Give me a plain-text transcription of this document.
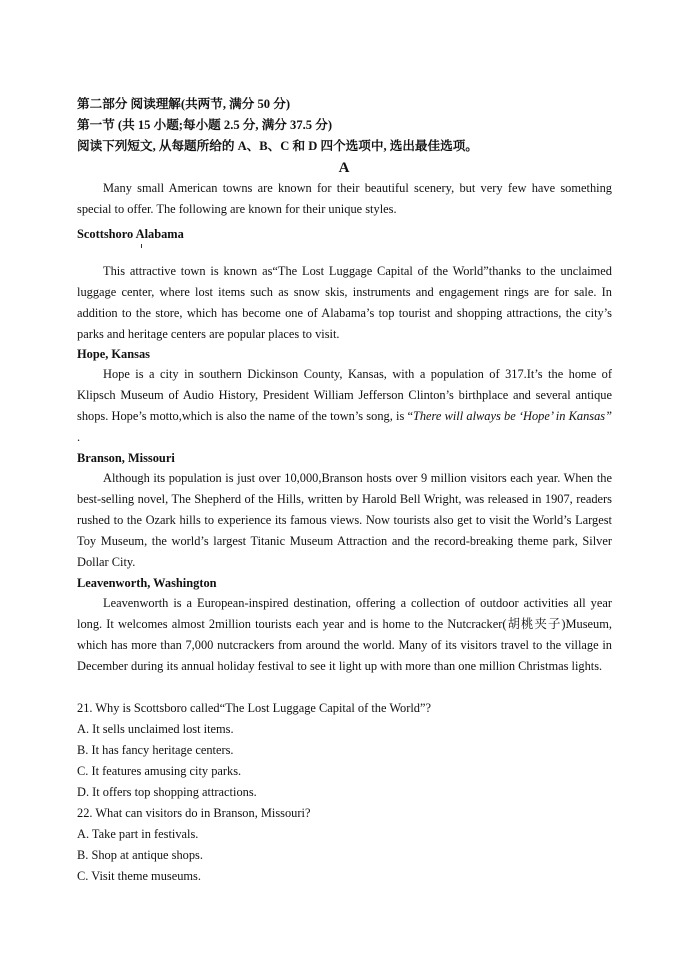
第二部分 阅读理解(共两节, 满分 50 分)
第一节 (共 15 小题;每小题 2.5 分, 满分 37.5 分)
阅读下列短文, 从每题所给的 A、B、C 和 D 四个选项中, 选出最佳选项。
A

Many small American towns are known for their beautiful scenery, but very few have something special to offer. The following are known for their unique styles.

Scottshoro Alabama

This attractive town is known as“The Lost Luggage Capital of the World”thanks to the unclaimed luggage center, where lost items such as snow skis, instruments and engagement rings are for sale. In addition to the store, which has become one of Alabama’s top tourist and shopping attractions, the city’s parks and heritage centers are popular places to visit.

Hope, Kansas

Hope is a city in southern Dickinson County, Kansas, with a population of 317.It’s the home of Klipsch Museum of Audio History, President William Jefferson Clinton’s birthplace and several antique shops. Hope’s motto,which is also the name of the town’s song, is “There will always be ‘Hope’ in Kansas” .

Branson, Missouri

Although its population is just over 10,000,Branson hosts over 9 million visitors each year. When the best-selling novel, The Shepherd of the Hills, written by Harold Bell Wright, was released in 1907, readers rushed to the Ozark hills to experience its famous views. Now tourists also get to visit the World’s Largest Toy Museum, the world’s largest Titanic Museum Attraction and the record-breaking theme park, Silver Dollar City.

Leavenworth, Washington

Leavenworth is a European-inspired destination, offering a collection of outdoor activities all year long. It welcomes almost 2million tourists each year and is home to the Nutcracker(胡桃夹子)Museum, which has more than 7,000 nutcrackers from around the world. Many of its visitors travel to the village in December during its annual holiday festival to see it light up with more than one million Christmas lights.

21. Why is Scottsboro called“The Lost Luggage Capital of the World”?
A. It sells unclaimed lost items.
B. It has fancy heritage centers.
C. It features amusing city parks.
D. It offers top shopping attractions.
22. What can visitors do in Branson, Missouri?
A. Take part in festivals.
B. Shop at antique shops.
C. Visit theme museums.
